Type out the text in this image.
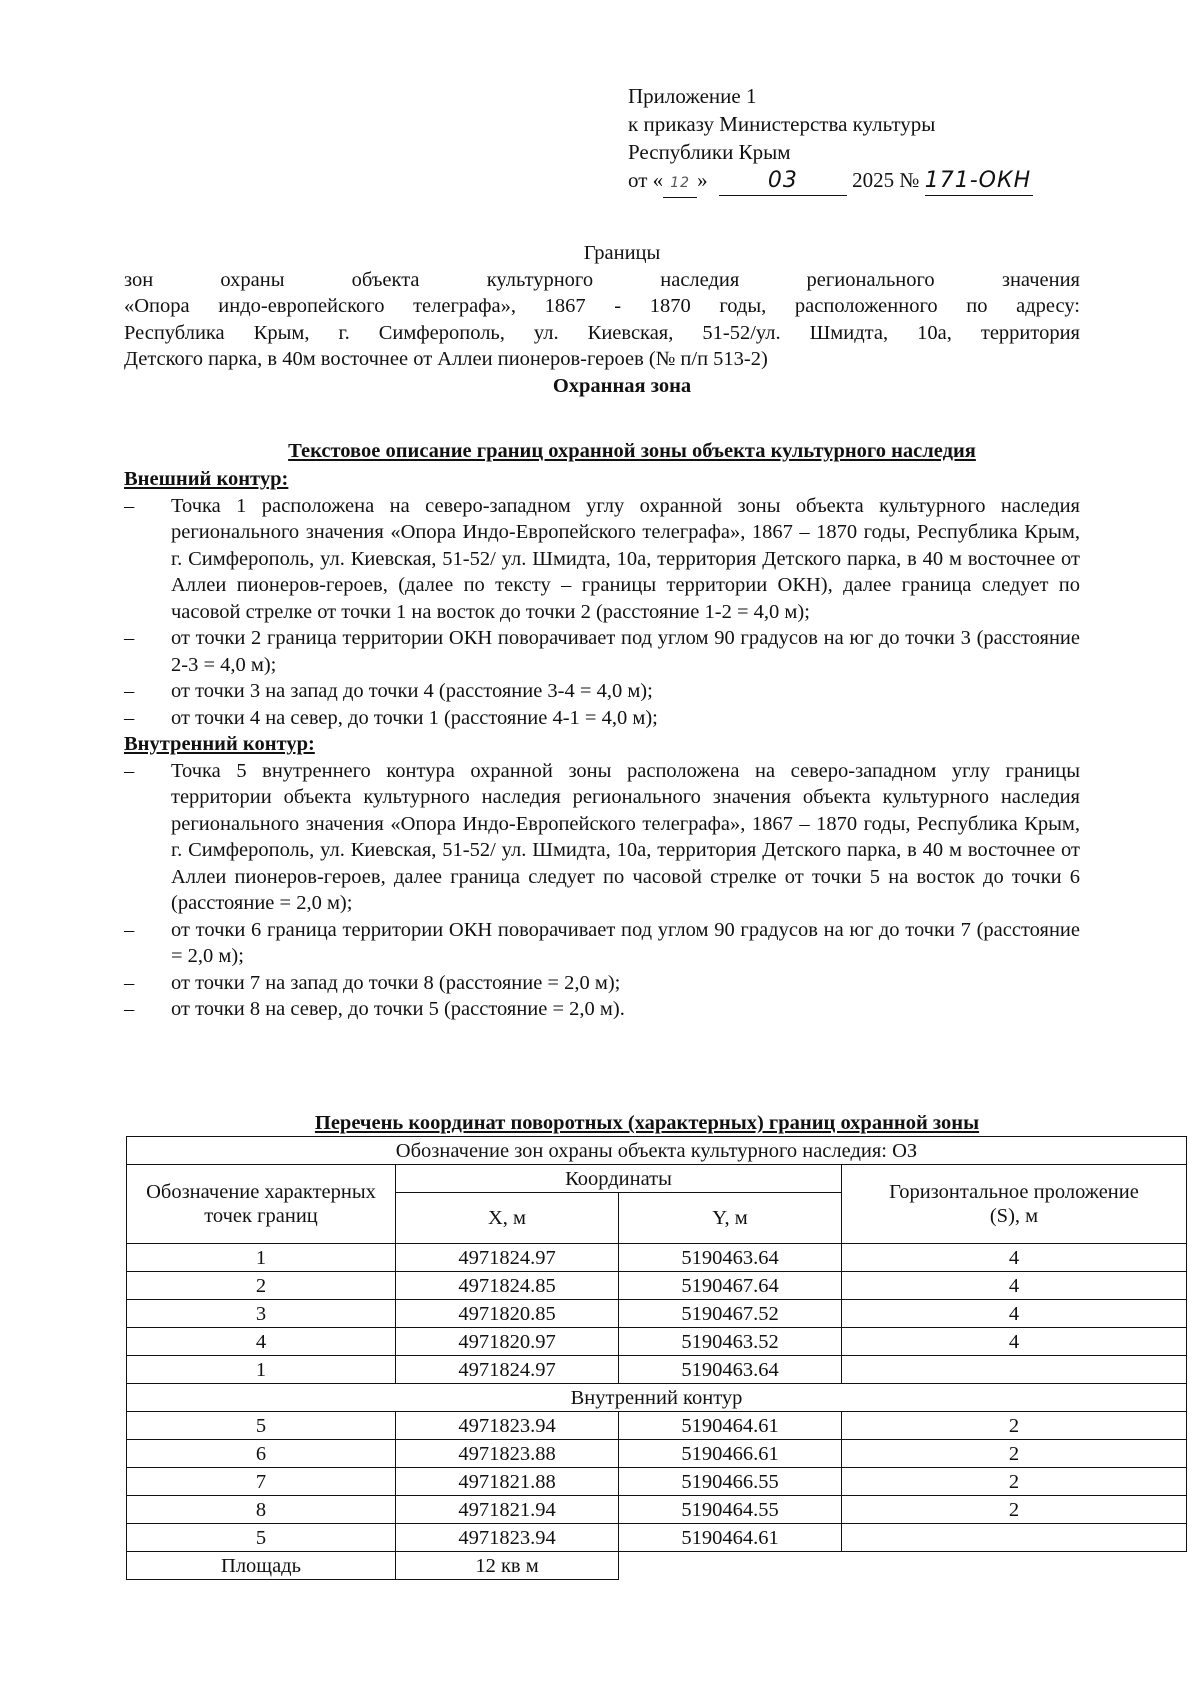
Приложение 1
к приказу Министерства культуры
Республики Крым
от « 12 »	03	2025 № 171-ОКН
Границы
зон охраны объекта культурного наследия регионального значения
«Опора индо-европейского телеграфа», 1867 - 1870 годы, расположенного по адресу:
Республика Крым, г. Симферополь, ул. Киевская, 51-52/ул. Шмидта, 10а, территория
Детского парка, в 40м восточнее от Аллеи пионеров-героев (№ п/п 513-2)
Охранная зона
Текстовое описание границ охранной зоны объекта культурного наследия
Внешний контур:
– Точка 1 расположена на северо-западном углу охранной зоны объекта культурного наследия регионального значения «Опора Индо-Европейского телеграфа», 1867 – 1870 годы, Республика Крым, г. Симферополь, ул. Киевская, 51-52/ ул. Шмидта, 10а, территория Детского парка, в 40 м восточнее от Аллеи пионеров-героев, (далее по тексту – границы территории ОКН), далее граница следует по часовой стрелке от точки 1 на восток до точки 2 (расстояние 1-2 = 4,0 м);
– от точки 2 граница территории ОКН поворачивает под углом 90 градусов на юг до точки 3 (расстояние 2-3 = 4,0 м);
– от точки 3 на запад до точки 4 (расстояние 3-4 = 4,0 м);
– от точки 4 на север, до точки 1 (расстояние 4-1 = 4,0 м);
Внутренний контур:
– Точка 5 внутреннего контура охранной зоны расположена на северо-западном углу границы территории объекта культурного наследия регионального значения объекта культурного наследия регионального значения «Опора Индо-Европейского телеграфа», 1867 – 1870 годы, Республика Крым, г. Симферополь, ул. Киевская, 51-52/ ул. Шмидта, 10а, территория Детского парка, в 40 м восточнее от Аллеи пионеров-героев, далее граница следует по часовой стрелке от точки 5 на восток до точки 6 (расстояние = 2,0 м);
– от точки 6 граница территории ОКН поворачивает под углом 90 градусов на юг до точки 7 (расстояние = 2,0 м);
– от точки 7 на запад до точки 8 (расстояние = 2,0 м);
– от точки 8 на север, до точки 5 (расстояние = 2,0 м).
Перечень координат поворотных (характерных) границ охранной зоны
Обозначение зон охраны объекта культурного наследия: ОЗ			
Обозначение характерных точек границ	Координаты		Горизонтальное проложение (S), м
	X, м	Y, м	
1	4971824.97	5190463.64	4
2	4971824.85	5190467.64	4
3	4971820.85	5190467.52	4
4	4971820.97	5190463.52	4
1	4971824.97	5190463.64	
Внутренний контур			
5	4971823.94	5190464.61	2
6	4971823.88	5190466.61	2
7	4971821.88	5190466.55	2
8	4971821.94	5190464.55	2
5	4971823.94	5190464.61	
Площадь	12 кв м		
